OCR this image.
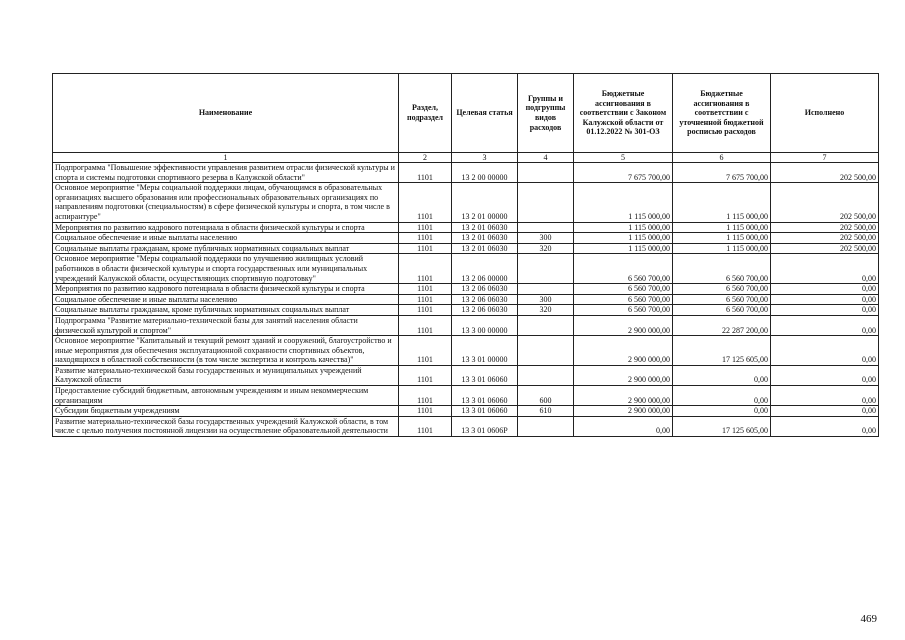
Наименование	Раздел, подраздел	Целевая статья	Группы и подгруппы видов расходов	Бюджетные ассигнования в соответствии с Законом Калужской области от 01.12.2022 № 301-ОЗ	Бюджетные ассигнования в соответствии с уточненной бюджетной росписью расходов	Исполнено
1	2	3	4	5	6	7
Подпрограмма "Повышение эффективности управления развитием отрасли физической культуры и спорта и системы подготовки спортивного резерва в Калужской области"	1101	13 2 00 00000		7 675 700,00	7 675 700,00	202 500,00
Основное мероприятие "Меры социальной поддержки лицам, обучающимся в образовательных организациях высшего образования или профессиональных образовательных организациях по направлениям подготовки (специальностям) в сфере физической культуры и спорта, в том числе в аспирантуре"	1101	13 2 01 00000		1 115 000,00	1 115 000,00	202 500,00
Мероприятия по развитию кадрового потенциала в области физической культуры и спорта	1101	13 2 01 06030		1 115 000,00	1 115 000,00	202 500,00
Социальное обеспечение и иные выплаты населению	1101	13 2 01 06030	300	1 115 000,00	1 115 000,00	202 500,00
Социальные выплаты гражданам, кроме публичных нормативных социальных выплат	1101	13 2 01 06030	320	1 115 000,00	1 115 000,00	202 500,00
Основное мероприятие "Меры социальной поддержки по улучшению жилищных условий работников в области физической культуры и спорта государственных или муниципальных учреждений Калужской области, осуществляющих спортивную подготовку"	1101	13 2 06 00000		6 560 700,00	6 560 700,00	0,00
Мероприятия по развитию кадрового потенциала в области физической культуры и спорта	1101	13 2 06 06030		6 560 700,00	6 560 700,00	0,00
Социальное обеспечение и иные выплаты населению	1101	13 2 06 06030	300	6 560 700,00	6 560 700,00	0,00
Социальные выплаты гражданам, кроме публичных нормативных социальных выплат	1101	13 2 06 06030	320	6 560 700,00	6 560 700,00	0,00
Подпрограмма "Развитие материально-технической базы для занятий населения области физической культурой и спортом"	1101	13 3 00 00000		2 900 000,00	22 287 200,00	0,00
Основное мероприятие "Капитальный и текущий ремонт зданий и сооружений, благоустройство и иные мероприятия для обеспечения эксплуатационной сохранности спортивных объектов, находящихся в областной собственности (в том числе экспертиза и контроль качества)"	1101	13 3 01 00000		2 900 000,00	17 125 605,00	0,00
Развитие материально-технической базы государственных и муниципальных учреждений Калужской области	1101	13 3 01 06060		2 900 000,00	0,00	0,00
Предоставление субсидий бюджетным, автономным учреждениям и иным некоммерческим организациям	1101	13 3 01 06060	600	2 900 000,00	0,00	0,00
Субсидии бюджетным учреждениям	1101	13 3 01 06060	610	2 900 000,00	0,00	0,00
Развитие материально-технической базы государственных учреждений Калужской области, в том числе с целью получения постоянной лицензии на осуществление образовательной деятельности	1101	13 3 01 0606Р		0,00	17 125 605,00	0,00
469
